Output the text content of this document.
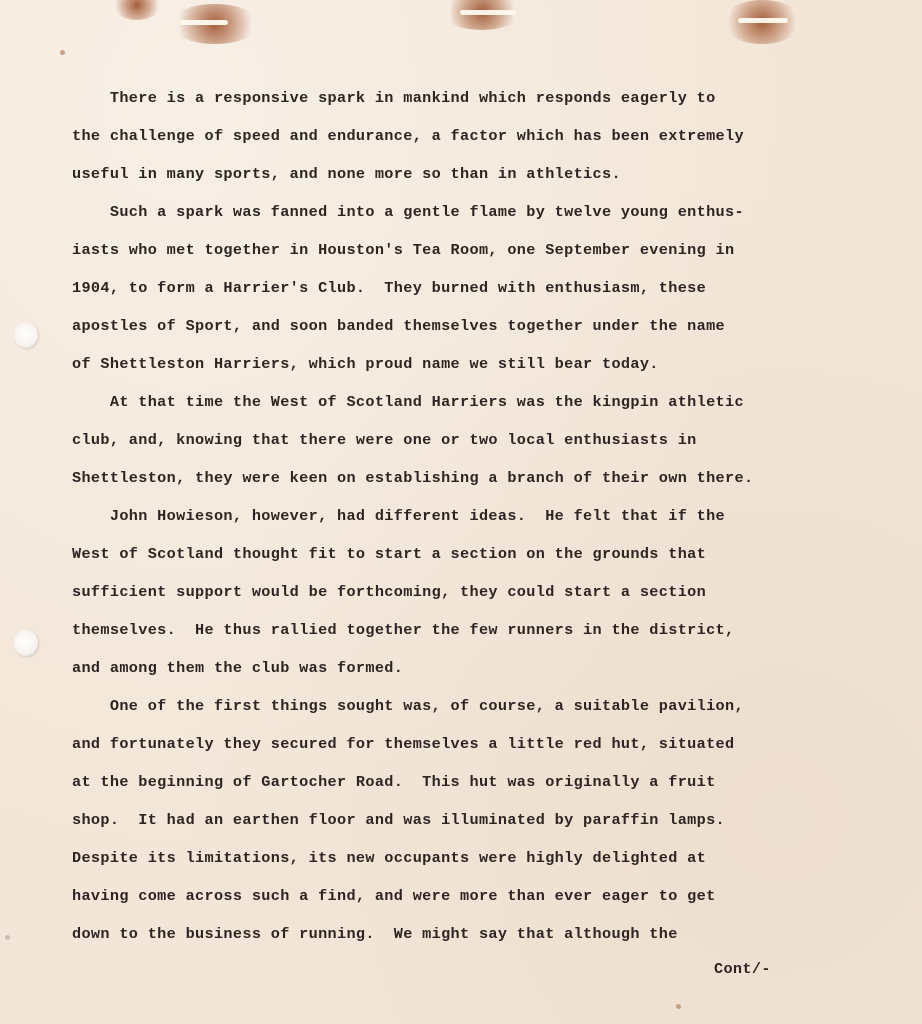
There is a responsive spark in mankind which responds eagerly to
the challenge of speed and endurance, a factor which has been extremely
useful in many sports, and none more so than in athletics.
Such a spark was fanned into a gentle flame by twelve young enthus-
iasts who met together in Houston's Tea Room, one September evening in
1904, to form a Harrier's Club.  They burned with enthusiasm, these
apostles of Sport, and soon banded themselves together under the name
of Shettleston Harriers, which proud name we still bear today.
At that time the West of Scotland Harriers was the kingpin athletic
club, and, knowing that there were one or two local enthusiasts in
Shettleston, they were keen on establishing a branch of their own there.
John Howieson, however, had different ideas.  He felt that if the
West of Scotland thought fit to start a section on the grounds that
sufficient support would be forthcoming, they could start a section
themselves.  He thus rallied together the few runners in the district,
and among them the club was formed.
One of the first things sought was, of course, a suitable pavilion,
and fortunately they secured for themselves a little red hut, situated
at the beginning of Gartocher Road.  This hut was originally a fruit
shop.  It had an earthen floor and was illuminated by paraffin lamps.
Despite its limitations, its new occupants were highly delighted at
having come across such a find, and were more than ever eager to get
down to the business of running.  We might say that although the
Cont/-
